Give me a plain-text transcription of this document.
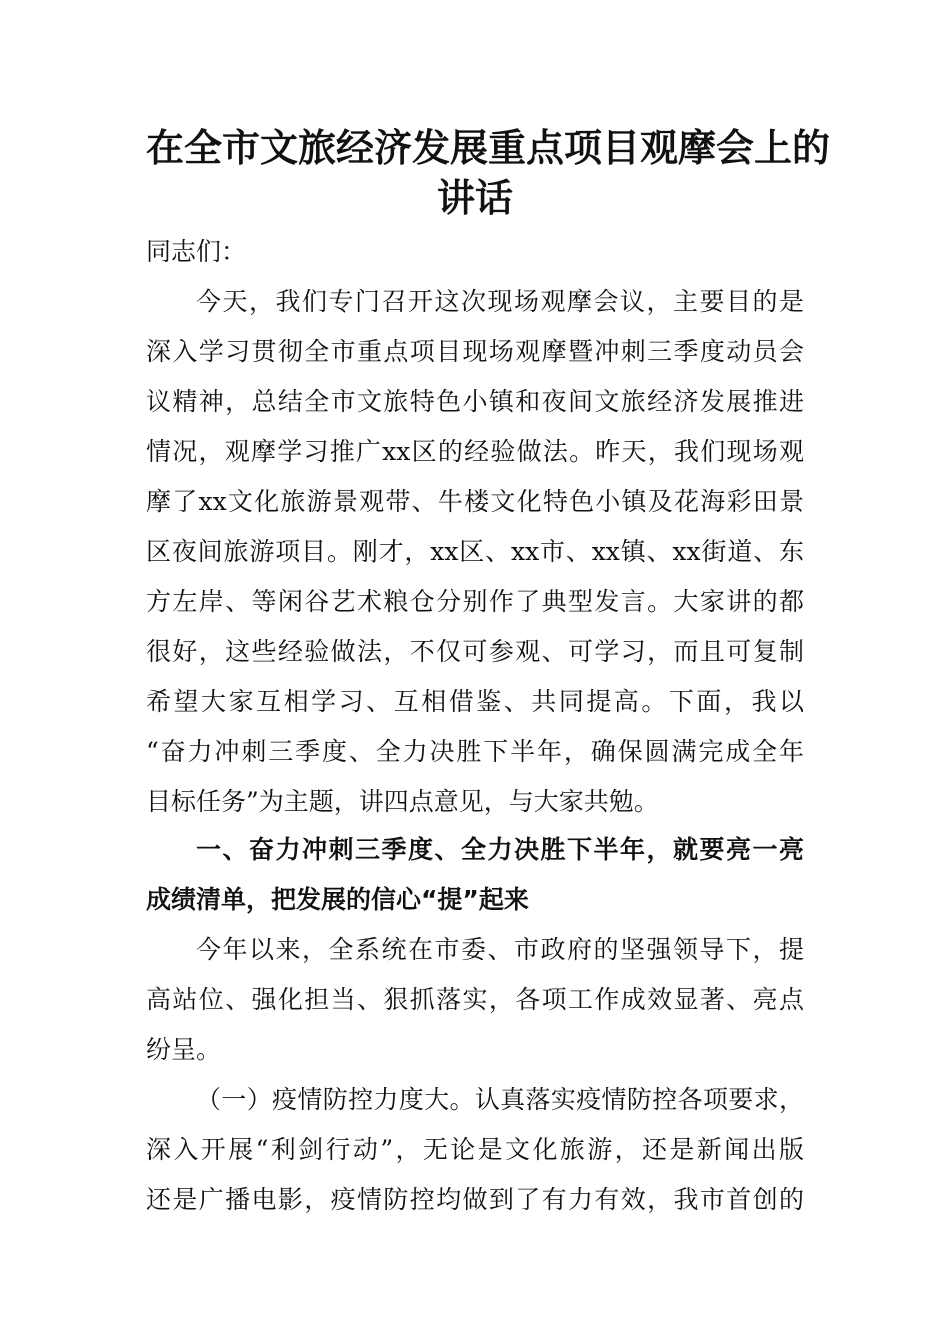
在全市文旅经济发展重点项目观摩会上的
讲话

同志们：

今天，我们专门召开这次现场观摩会议，主要目的是

深入学习贯彻全市重点项目现场观摩暨冲刺三季度动员会

议精神，总结全市文旅特色小镇和夜间文旅经济发展推进

情况，观摩学习推广xx区的经验做法。昨天，我们现场观

摩了xx文化旅游景观带、牛楼文化特色小镇及花海彩田景

区夜间旅游项目。刚才，xx区、xx市、xx镇、xx街道、东

方左岸、等闲谷艺术粮仓分别作了典型发言。大家讲的都

很好，这些经验做法，不仅可参观、可学习，而且可复制

希望大家互相学习、互相借鉴、共同提高。下面，我以

“奋力冲刺三季度、全力决胜下半年，确保圆满完成全年

目标任务”为主题，讲四点意见，与大家共勉。

一、奋力冲刺三季度、全力决胜下半年，就要亮一亮

成绩清单，把发展的信心“提”起来

今年以来，全系统在市委、市政府的坚强领导下，提

高站位、强化担当、狠抓落实，各项工作成效显著、亮点

纷呈。

（一）疫情防控力度大。认真落实疫情防控各项要求，

深入开展“利剑行动”，无论是文化旅游，还是新闻出版

还是广播电影，疫情防控均做到了有力有效，我市首创的
